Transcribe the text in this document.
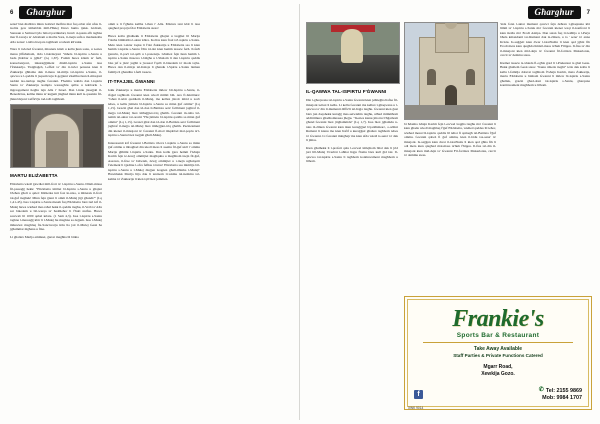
6	Għarghur	Għarghur	7

sensi' biet-thabbira minn Gabriel mofhtu mar fuq erbat sfat ufus li-isolita gew imhabbin mill-Hluiej Daws huma tjakk. Gidtom, Sanssun u Samwel tjdo bmod partikulari, huwb d-qassis efh tagħna mar fl-istorja ta' Abraham u marbu Sara, it-tnejn sufn u madankollu Alla xensa' t-talba hwqara tagħhom u tahom kli'zakk.

Wara li twieled Ġwanni, missieru kiteb u kellu jkun sonu, u n-nies manu jiffuħahom, iżda l-Iskrizzjoni "mhela bl-ispirtu s-Santu u beda jħabbar u jgħid" (Lq 1,67). Fomm huwa kliem ta' ferħ, konsolazzjoni, inkuraġġiment dinżil-ispirtu s-Santu issa f'Żakkarija. Tistgħaġeb, l-effett ta' din it-twlet persuna kien li Żakkarija għħama dak il-mess tal-milja tal-ispirtu s-Santu, il-qawwa u l-qaddis li jaqsam leju il-gejjieni u'kellhu tkun il-missjoni naddet isa-tanbqa tiegħu Ġwanni. F'kelma waħda dan l-ispirtu Santu ta' Żakkarija kompla wessagħlu qalbu u kabbarlu r-mgraqqament tiegħu lejn Alla t' Israel. Dan l-innu jissejjaħ il-Benedictus, kelma minu ta' kujjem jingħad minn kull is-qassisin fil-jhnnciżzjoni l-uffiċċju tad-talb tagħhom.

MARTU ELIŻABETTA

Eliżabetta wkoll ġawdiet mill-frott ta' l-ispirtu s-Santu. Dlielt-missa fil-passaġġ hekk: "Eliżabetta imtliet bl-Ispirtu s-Santu u għajtet b'leħen għoli u qalet: Imbierka inti fost in-nisa, u mbierek il-frott tal-ġuf tiegħek! Minn fejn ġieni li omm il-Mulej jiġi għandi?" (Lq 1,41-43). Issa l-ispirtu s-Santu mesah fuq Eliżabetta biex turi kif il-Mulej huwa wieħed mar-raħal hekk il-qaddis tiegħu, il-Verb ta' Alla sar bniedem u bil-werqa ta' ħaddieħor li f'ħuti nnifsu. Huwa sawwab lil 1000 qabel kristu. (1 Sam 4,3). Issa l-ispirtu s-Santu taghna l-messaġġ kbir li l-Mulej hu maghna sa dejjem. Issa l-Mulej mhuwiex maghluq fis-Sanctwarju iżda ħa jsir il-Mulej Ġesù ħa jgħammar mgħana u fina.

Li għaliex Marija emmnet, ġarret magħha lil binha

omm u li f'għuha kellha l-iben t' Alla. Mistwu tant kbir li issa qiegħed proprju fdar Eliżabetta stess!

Huwa kollu għalhekk li Eliżabetta għajtet u laqgħet lil Marija f'darha bimħabba l-aktar kbira. Kollox kien frott ta'l-ispirtu s-Santu. Melo kien l-aktar loqku li f'dar Żakkarija u Eliżabetta ssa li kien ħemm l-ispirtu s-Santu f'din id-dar kien hemm tassew ferħ. Il-ferħ ġenwin, il-paċi tal-qalb u l-paxenzja. Għaliex fejn ikun hemm l-ispirtu s-Santu tinsewa l-biżgħa u l-Shalom li dan l-ispirtu qaddis biss jaf u jista' jagħti u jwassal f'qalb il-bniedem ta' moda tajba. Huwa dan il-mixja tal-Knisja li għandu l-Spirtu s-Santu liemen familja li għandhu l-ferħ tassew.

IT-TFAJJEL ĠWANNI

Jekk Żakkarija u martu Eliżabetta mtlew bil-Ispirtu s-Santu, it-tfajjel tagħhom Ġwanni kien wkoll mimli bih. Ara fl-Iskrittura: "Għax il-kbir quddiem il-Mulej, ma kellux jixrob inbid u xorb iebes, u kellu jimtela bl-Ispirtu s-Santu sa minn ġuf ommu" (Lq 1,15). Grazzi għal dan id-don il-Battista seta' faċilment jagħraf il-mejja tal-Mulej biex imħejjjiet-triq għalih. Ġwanni m-raħa lal-temm tal-aktar tal-oromi "Hu jimtela bl-ispirtu qaddis sa minn ġuf ommu" (Lq 1,15). Grazzi għal dan id-don il-Battista seta' faċilment jagħraf il-mejja tal-Mulej biex imħejjjiet-triq għalih. Pezzizament din kienet il-missjoni ta' Ġwanni fl-mod imqabbel mal-poplu ta'l-ispirtu s-Santu biex isejjaħ għall-Mulej.

Interessanti kif Ġwanni l-Battista rċieva l-ispirtu s-Santu sa minn ġuf ommu u mbagħad din ukoll mess li ssemu fil-ġuf ukll t' ommu Marija għħimi l-Ispirtu s-Santu. Dan kollu ġara hemm f'Għajn Karim fejn iz-żewġ ommijiet magħquha u magħhom tnejn fil-ġuf, Assawn, il-frue ta' Ishwieh, żewġ ommijiet u t-tnejn ugħalqetir f'element li Qadinu l-ofra fefħsu ta'unw! Eliżabetta ssa mimlija bil-ispirtu s-Santu u l-Mulej żżejjen żeqqien għall-ilbinha l-Mulej!' Hawnhekk Marija ħija dak li tentnom il-wkmu tal-hemmu tal-kelma ta' Żakkarija li kien tqil biex jemmen.

IL-QAWWA TAL-ISPIRTU F'ĠWANNI

Din l-għaqwana tal-ispirtu s-Santu Ġwanni kien jeħtieġha ħafna fil-missjoni xebax li kellu. Li kellu Ġwanni ma kellux l-għaqwana u l-qawwa ta' din il-mumenti diffiċli tal-ħajja tiegħu. Ġwanni kien ġust biex jun daqshekk kuraġġ mas-setwieħin tiegħu, ulħud mimmħom addirtimura għadhomnassa jħejju. "In-nies kienu jmorru b'ħġarhom għand Ġwanni biex jitgħammdu" (Lq 1,7). Issa biex jgħamdu n-nies iż-żmien Ġwanni kien ikun kuraġġjuż b'qaddisikarc, o-sżżini Rumani li kienu ma kien ħafif u kuraġġuż għaliex tagħhom iebes ta' Ġwanni. Li Ġwanni mingħajr ma kien afda wkoll is-sena' ta' dak li jmiss.

Kien għalhekk li l-profeti qalu l-ewwel imlejhom bħal dak li jrid juri lill-Mulej b'veritàt l-aħħar ħajja f'ismu biex kull ġid isir. Il-qawwa tal-ispirtu s-Santu li tagħhom kontinwament magħhom u lilhom.

bi ħdanha Għajn Karim fejn l-ewwel laqgħa tiegħu ma' Ġwanni li kien għadu wkoll magħluq f'ġuf Eliżabetta, wieħed qaddes lil ieħor, wieħed messi bl-ispirtu qaddis lil ieħor fi spmegħ tal-Battista f'ġuf ommu. Ġwanni qabeż fi ġuf ommu, kien il-bidu tas-sena' ta' missjoni. Is-saġġen kien dwar il-istat'ħużu li kien qed għha fih li odi meta kien qiegħad mal-mass ta'huh f'ħippu. Il-fias tal-din ił-missjoni kien mid-dejn ta' Ġwanni Fil-fortizza Makerionte, carcir ta' demmu stess.

'izda fonn l-aktar mument qawwi fejn deħren l-għaqnuna kbi limiti ta' l-ispirtu s-Santu ma' Ġwanni kienet waqt il-konfront li kien ikollu ma' Erodi Antipa. Dan satan fuq il-Gaħlija u l-Perja bħala kmandanti tar-Rumani dak iz-żmien, u ta ' sena' ta' anna Kristu. Is-suġġett kien dwar l-istat'ħużin li kien qed jgħix fih Erodi meta kien qiegħda ħmistl-mass ta'ħuh Filippu. Il-fias ta' din il-missjoni kien mid-dejn ta' Ġwanni fil-fortizza Makerionte, carcir ta' demmu stess.

Kiemet tassew is-xhieda fl-ogħla grad li l-Prekursur ta ghal Gesu. Hekk ghallem Ġesù stess: "Kunu xhieda tiegħi" izda dak kollu li kellu l-familja ddorrat tagħhom f'Għajn Karim, meta Żakkarija, martu Eliżabetta u binhom Ġwanni li mtlew bl-ispirtu s-Santu għallek, grazzi għad-doni tal-ispirtu s-Santu, gharquna kontinwament magħhom u lilhom.

Frankie's
Sports Bar & Restaurant
Take Away Available
Staff Parties & Private Functions Catered
Mgarr Road,
Xewkija Gozo.
f
✆ Tel: 2155 9869
Mob: 9984 1707
XWK 9014
